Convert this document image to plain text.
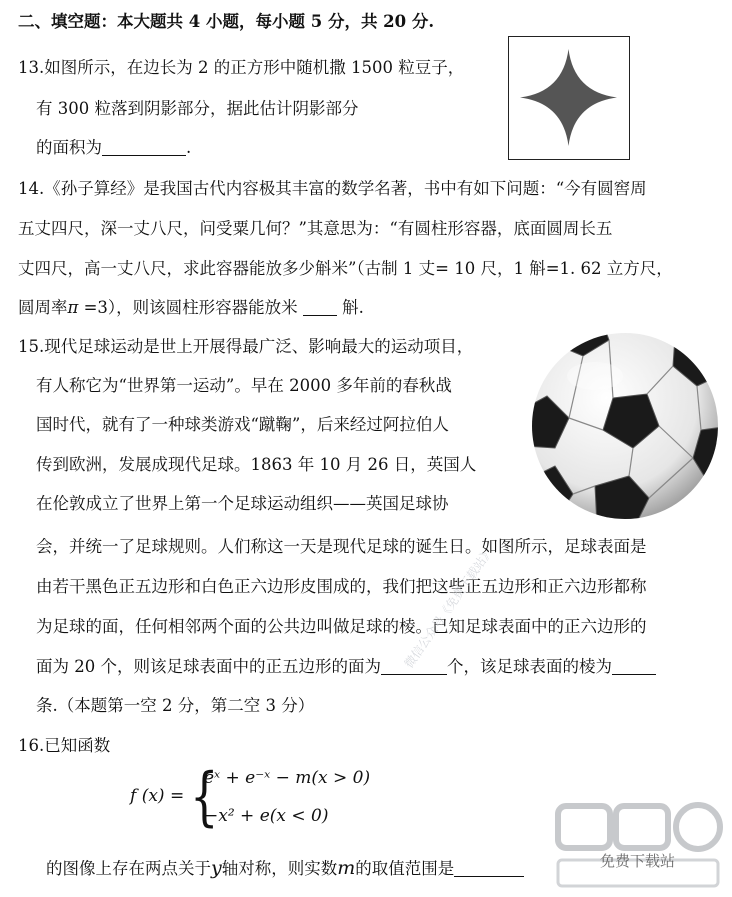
二、填空题：本大题共 4 小题，每小题 5 分，共 20 分.
13.如图所示，在边长为 2 的正方形中随机撒 1500 粒豆子，
有 300 粒落到阴影部分，据此估计阴影部分
的面积为	.
14.《孙子算经》是我国古代内容极其丰富的数学名著，书中有如下问题：“今有圆窖周
五丈四尺，深一丈八尺，问受粟几何？”其意思为：“有圆柱形容器，底面圆周长五
丈四尺，高一丈八尺，求此容器能放多少斛米”（古制 1 丈= 10 尺，1 斛=1. 62 立方尺，
圆周率π =3），则该圆柱形容器能放米  斛.
15.现代足球运动是世上开展得最广泛、影响最大的运动项目，
有人称它为“世界第一运动”。早在 2000 多年前的春秋战
国时代，就有了一种球类游戏“蹴鞠”，后来经过阿拉伯人
传到欧洲，发展成现代足球。1863 年 10 月 26 日，英国人
在伦敦成立了世界上第一个足球运动组织——英国足球协
会，并统一了足球规则。人们称这一天是现代足球的诞生日。如图所示，足球表面是
由若干黑色正五边形和白色正六边形皮围成的，我们把这些正五边形和正六边形都称
为足球的面，任何相邻两个面的公共边叫做足球的棱。已知足球表面中的正六边形的
面为 20 个，则该足球表面中的正五边形的面为	个，该足球表面的棱为
条.（本题第一空 2 分，第二空 3 分）
微信公众号《免费下载站》
16.已知函数
f (x) = {
eˣ + e⁻ˣ − m(x > 0)
−x² + e(x < 0)
的图像上存在两点关于y轴对称，则实数m的取值范围是	免费下载站
